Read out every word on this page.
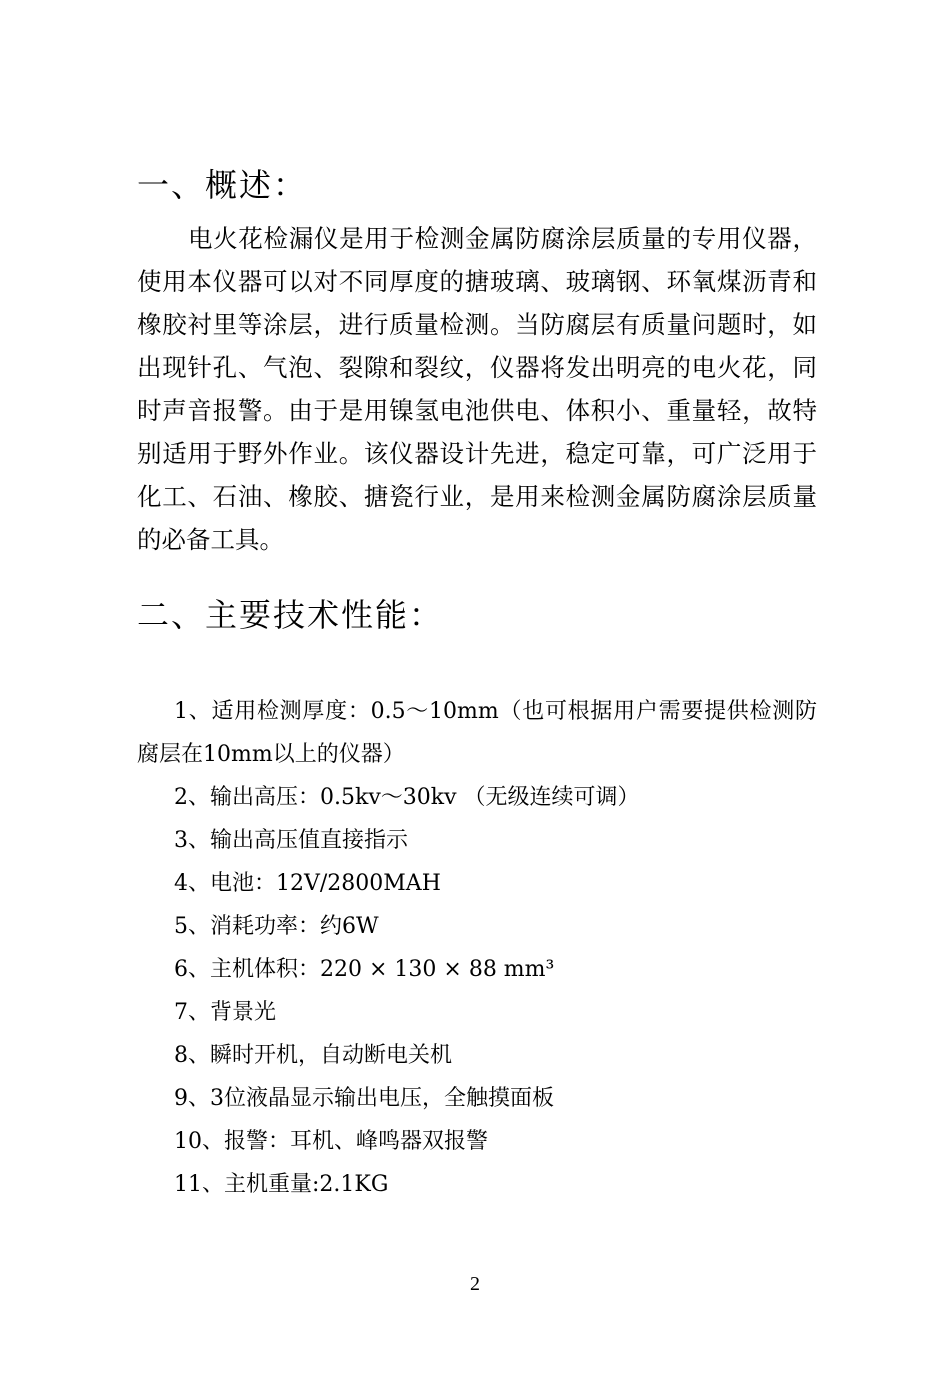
一、概述：

电火花检漏仪是用于检测金属防腐涂层质量的专用仪器，使用本仪器可以对不同厚度的搪玻璃、玻璃钢、环氧煤沥青和橡胶衬里等涂层，进行质量检测。当防腐层有质量问题时，如出现针孔、气泡、裂隙和裂纹，仪器将发出明亮的电火花，同时声音报警。由于是用镍氢电池供电、体积小、重量轻，故特别适用于野外作业。该仪器设计先进，稳定可靠，可广泛用于化工、石油、橡胶、搪瓷行业，是用来检测金属防腐涂层质量的必备工具。

二、主要技术性能：
1、适用检测厚度：0.5～10mm（也可根据用户需要提供检测防腐层在10mm以上的仪器）
2、输出高压：0.5kv～30kv （无级连续可调）
3、输出高压值直接指示
4、电池：12V/2800MAH
5、消耗功率：约6W
6、主机体积：220 × 130 × 88 mm³
7、背景光
8、瞬时开机，自动断电关机
9、3位液晶显示输出电压，全触摸面板
10、报警：耳机、峰鸣器双报警
11、主机重量:2.1KG
2
